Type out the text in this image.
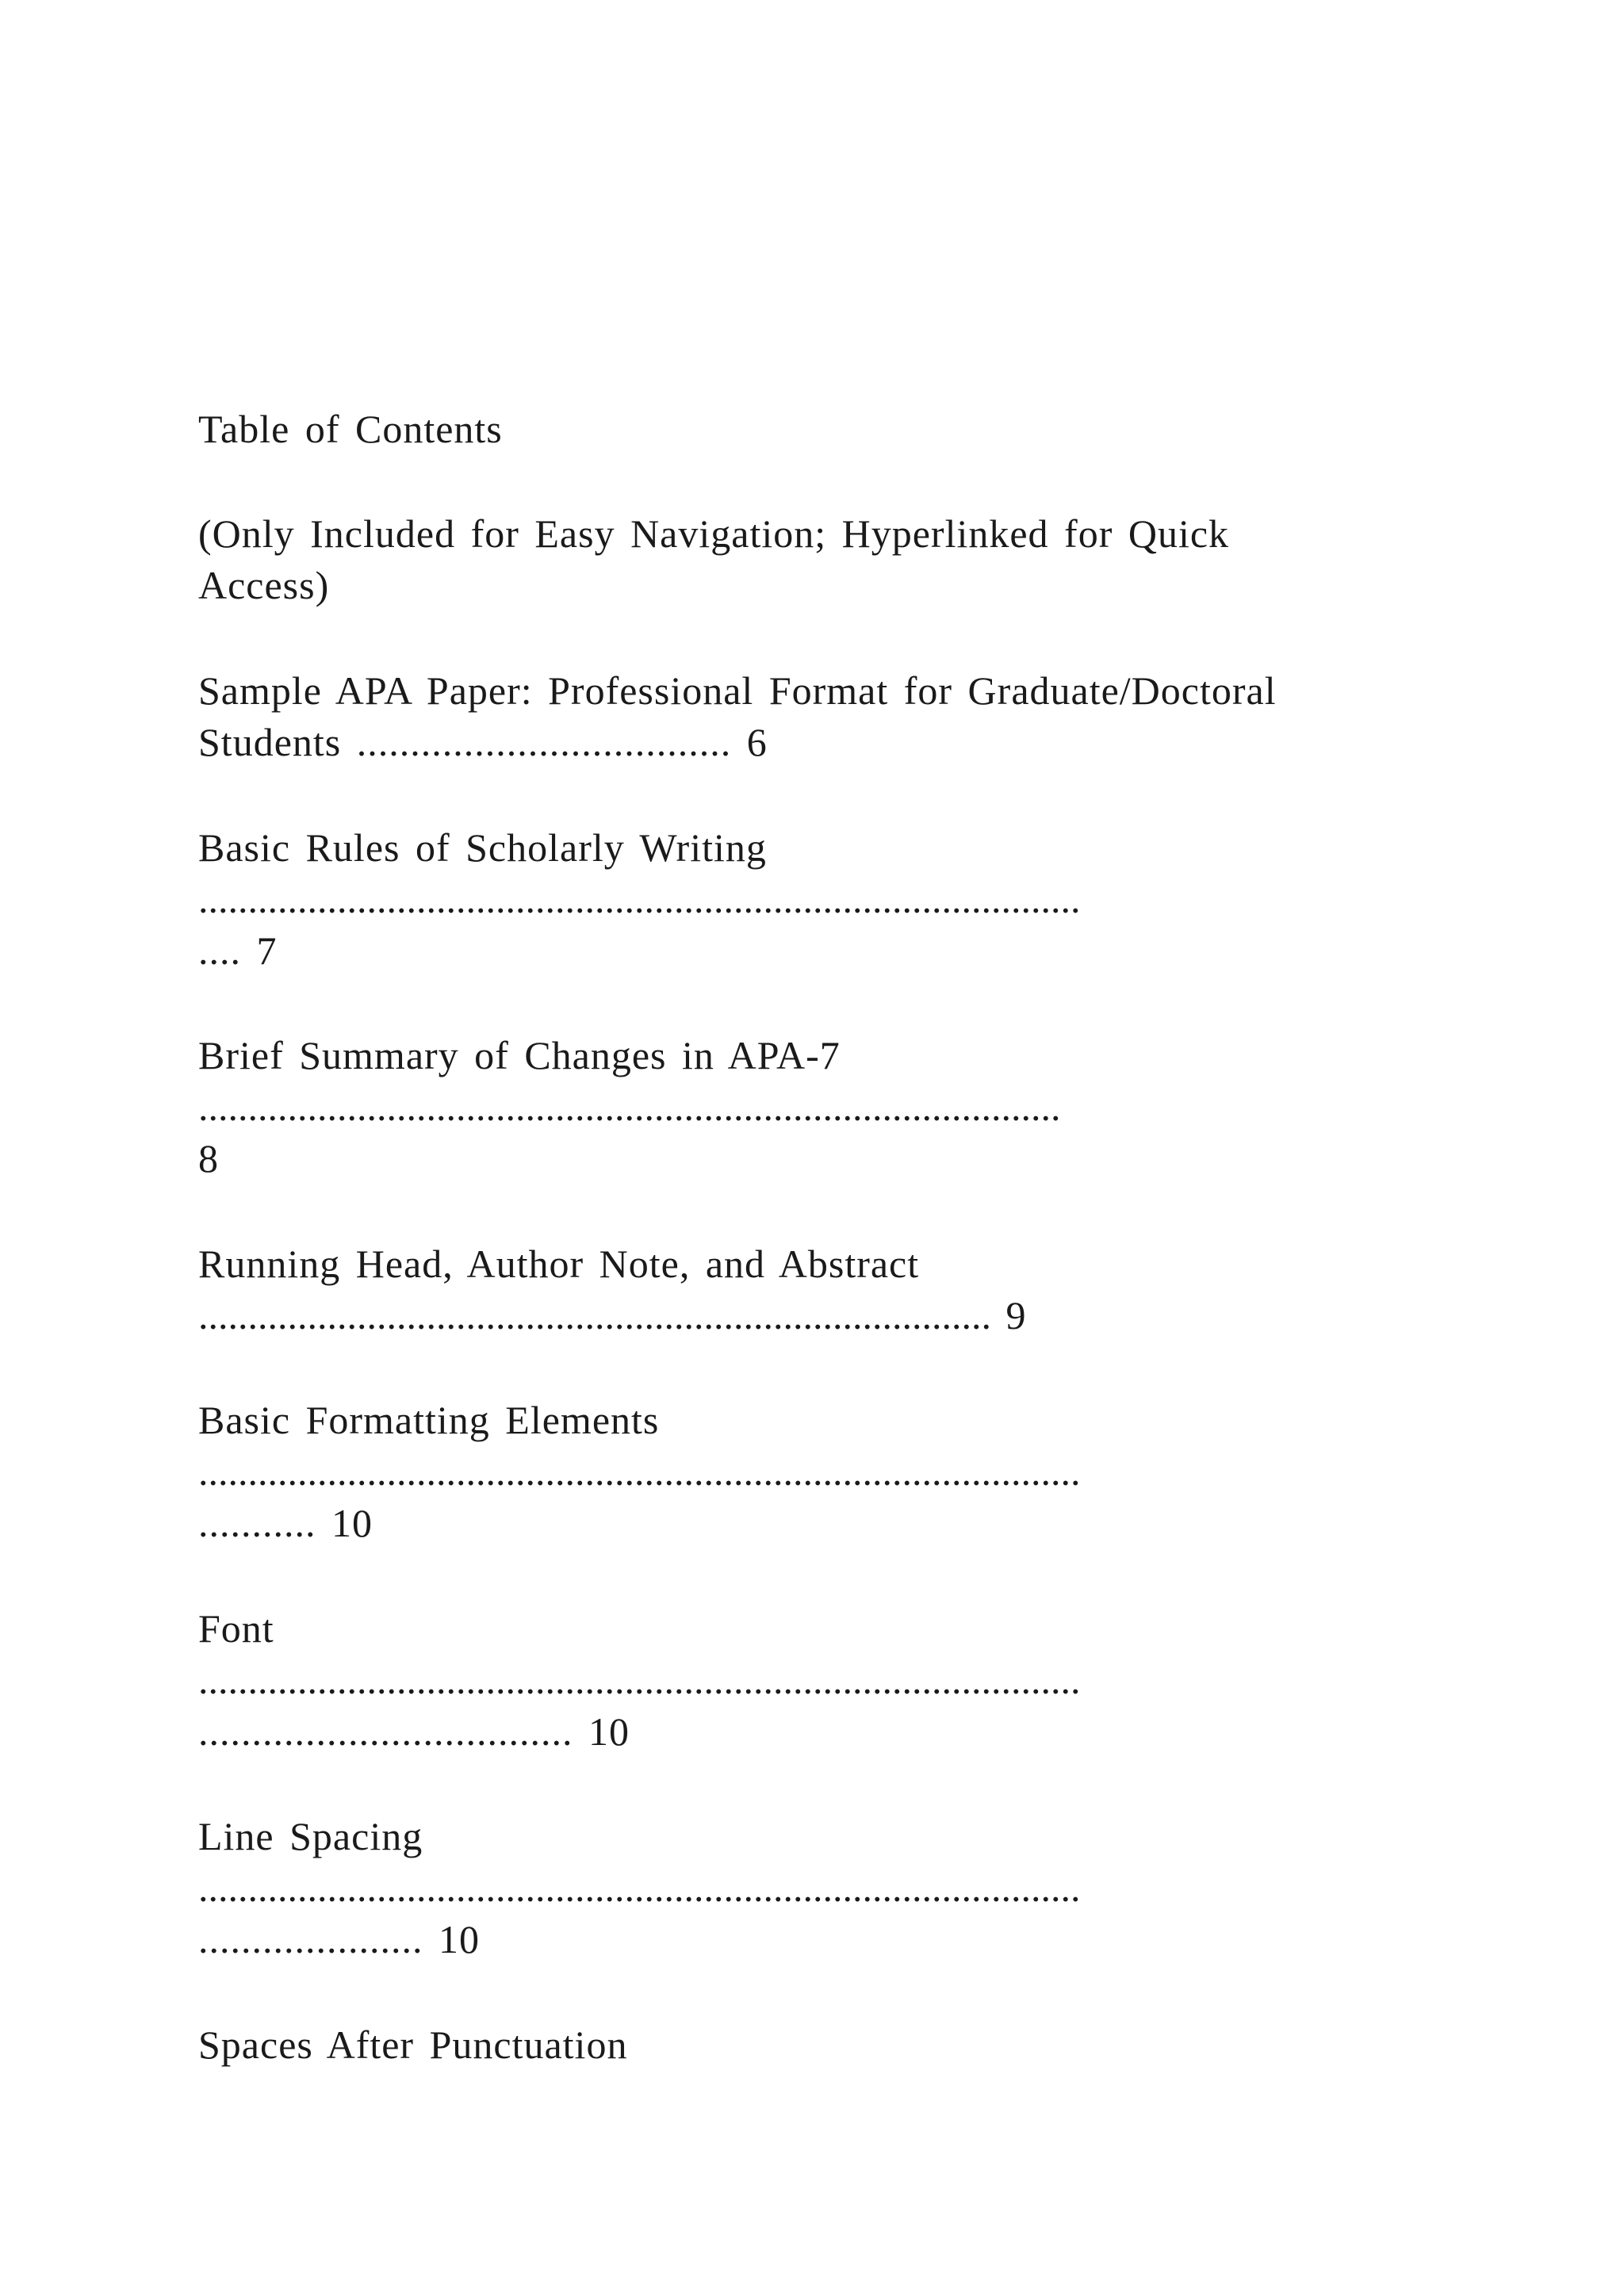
Table of Contents
(Only Included for Easy Navigation; Hyperlinked for Quick
Access)
Sample APA Paper: Professional Format for Graduate/Doctoral
Students ................................... 6
Basic Rules of Scholarly Writing
.........................................................................................
.... 7
Brief Summary of Changes in APA-7
.......................................................................................
8
Running Head, Author Note, and Abstract
................................................................................ 9
Basic Formatting Elements
.........................................................................................
........... 10
Font
.........................................................................................
................................... 10
Line Spacing
.........................................................................................
..................... 10
Spaces After Punctuation
